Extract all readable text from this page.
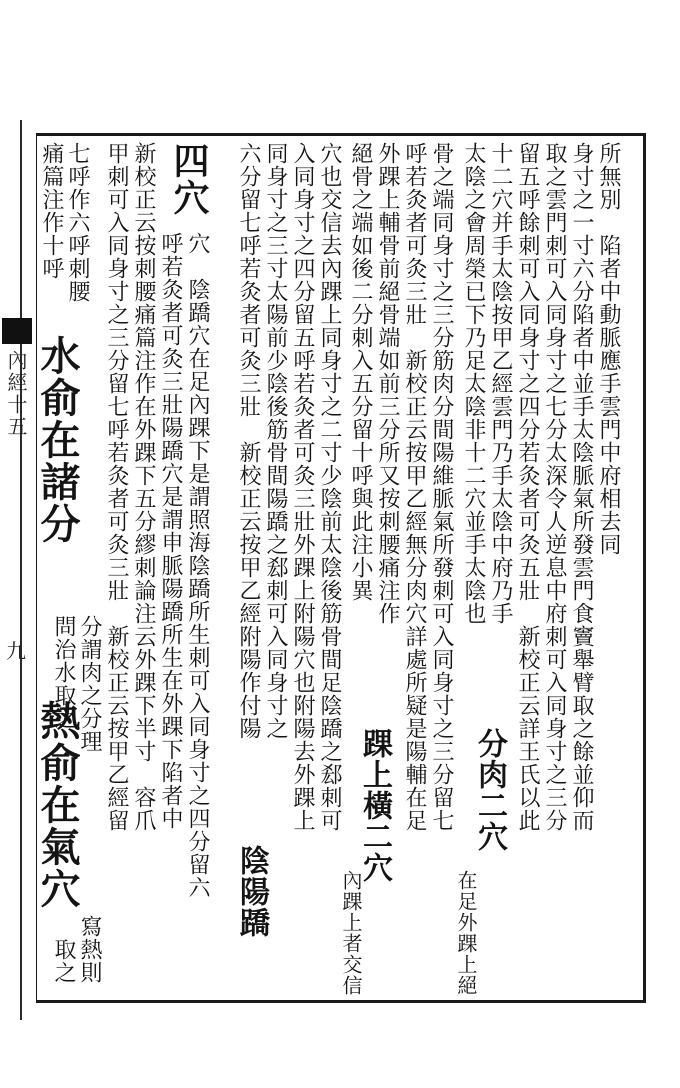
內經十五
九
所無別　陷者中動脈應手雲門中府相去同
身寸之一寸六分陷者中並手太陰脈氣所發雲門食竇舉臂取之餘並仰而
取之雲門刺可入同身寸之七分太深令人逆息中府刺可入同身寸之三分
留五呼餘刺可入同身寸之四分若灸者可灸五壯　新校正云詳王氏以此
十二穴并手太陰按甲乙經雲門乃手太陰中府乃手
太陰之會周榮已下乃足太陰非十二穴並手太陰也
分肉二穴
在足外踝上絕
骨之端同身寸之三分筋肉分間陽維脈氣所發刺可入同身寸之三分留七
呼若灸者可灸三壯　新校正云按甲乙經無分肉穴詳處所疑是陽輔在足
外踝上輔骨前絕骨端如前三分所又按刺腰痛注作
絕骨之端如後二分刺入五分留十呼與此注小異
踝上橫二穴
內踝上者交信
穴也交信去內踝上同身寸之二寸少陰前太陰後筋骨間足陰蹻之郄刺可
入同身寸之四分留五呼若灸者可灸三壯外踝上附陽穴也附陽去外踝上
同身寸之三寸太陽前少陰後筋骨間陽蹻之郄刺可入同身寸之
六分留七呼若灸者可灸三壯　新校正云按甲乙經附陽作付陽
陰陽蹻
四穴
穴　陰蹻穴在足內踝下是謂照海陰蹻所生刺可入同身寸之四分留六
呼若灸者可灸三壯陽蹻穴是謂申脈陽蹻所生在外踝下陷者中
新校正云按刺腰痛篇注作在外踝下五分繆刺論注云外踝下半寸　容爪
甲刺可入同身寸之三分留七呼若灸者可灸三壯　新校正云按甲乙經留
七呼作六呼刺腰
痛篇注作十呼
水俞在諸分
分謂肉之分理
問治水取之
熱俞在氣穴
寫熱則
取之
